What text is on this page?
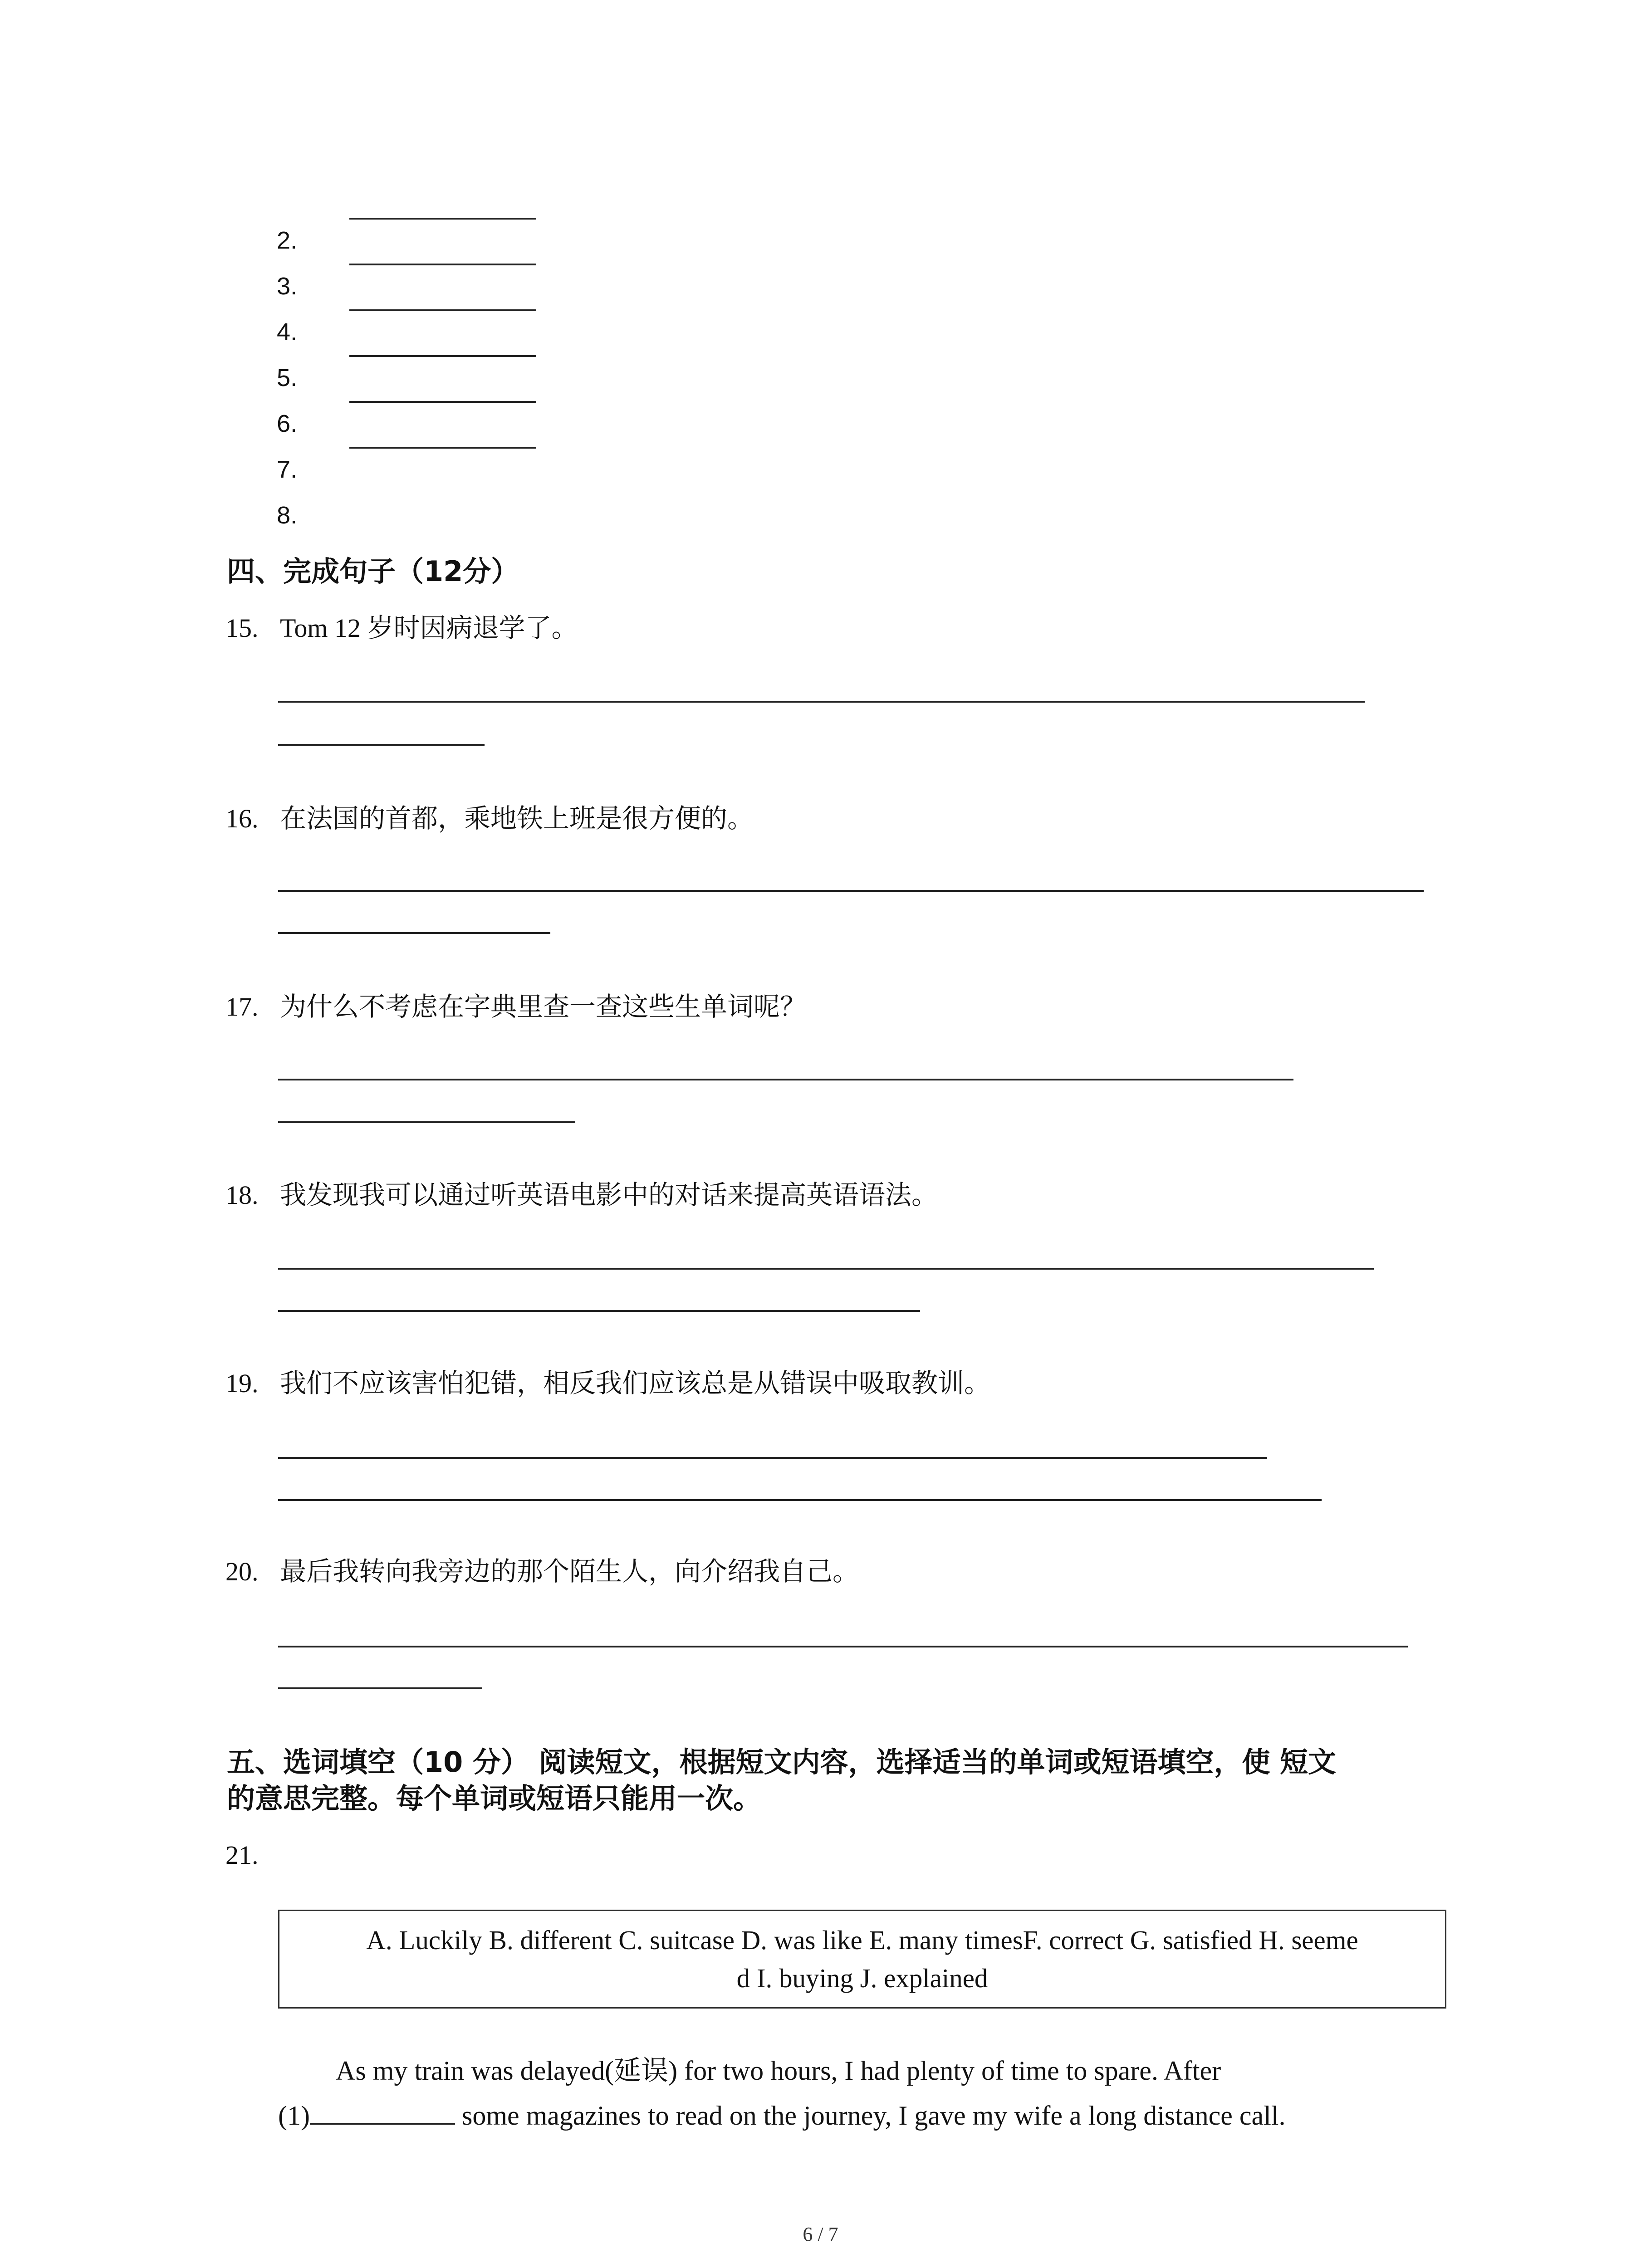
2.
3.
4.
5.
6.
7.
8.
四、完成句子（12分）
15. Tom 12 岁时因病退学了。
16. 在法国的首都，乘地铁上班是很方便的。
17. 为什么不考虑在字典里查一查这些生单词呢？
18. 我发现我可以通过听英语电影中的对话来提高英语语法。
19. 我们不应该害怕犯错，相反我们应该总是从错误中吸取教训。
20. 最后我转向我旁边的那个陌生人，向介绍我自己。
五、选词填空（10 分） 阅读短文，根据短文内容，选择适当的单词或短语填空，使 短文
的意思完整。每个单词或短语只能用一次。
21.
A. Luckily B. different C. suitcase D. was like E. many timesF. correct G. satisfied H. seeme
d I. buying J. explained
As my train was delayed(延误) for two hours, I had plenty of time to spare. After
(1)	some magazines to read on the journey, I gave my wife a long distance call.
6 / 7
